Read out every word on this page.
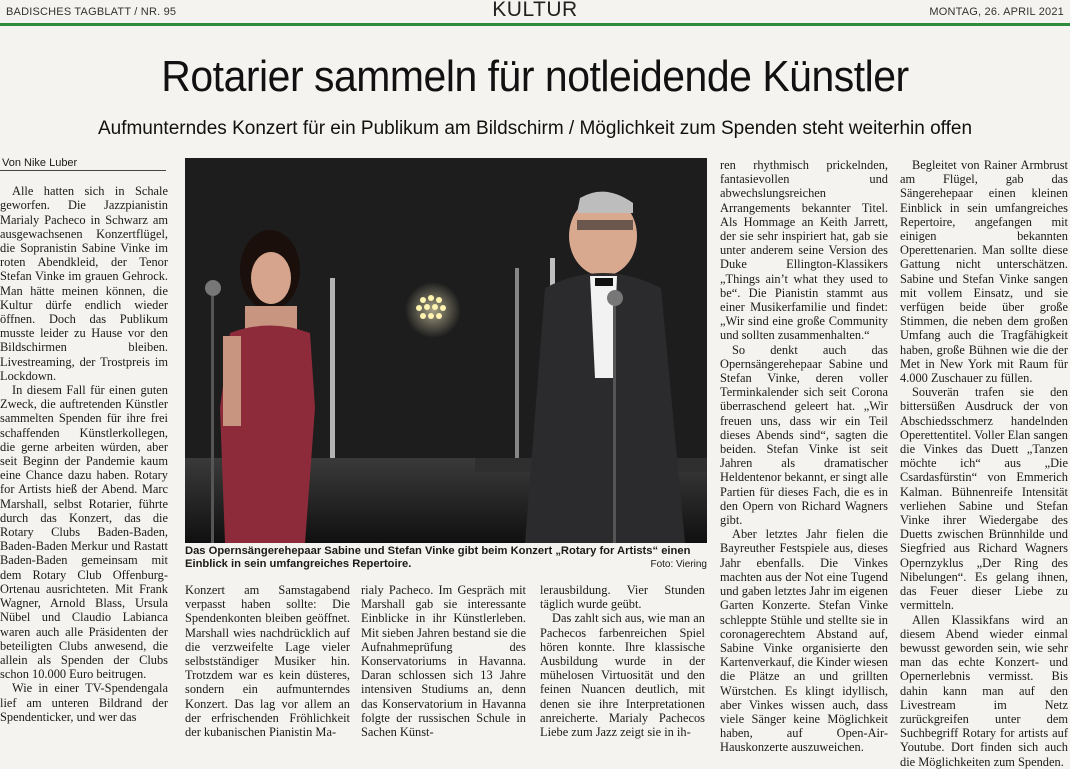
BADISCHES TAGBLATT / NR. 95	MONTAG, 26. APRIL 2021
KULTUR
Rotarier sammeln für notleidende Künstler
Aufmunterndes Konzert für ein Publikum am Bildschirm / Möglichkeit zum Spenden steht weiterhin offen
Von Nike Luber

Alle hatten sich in Schale geworfen. Die Jazzpianistin Marialy Pacheco in Schwarz am ausgewachsenen Konzertflügel, die Sopranistin Sabine Vinke im roten Abendkleid, der Tenor Stefan Vinke im grauen Gehrock. Man hätte meinen können, die Kultur dürfe endlich wieder öffnen. Doch das Publikum musste leider zu Hause vor den Bildschirmen bleiben. Livestreaming, der Trostpreis im Lockdown.

In diesem Fall für einen guten Zweck, die auftretenden Künstler sammelten Spenden für ihre frei schaffenden Künstlerkollegen, die gerne arbeiten würden, aber seit Beginn der Pandemie kaum eine Chance dazu haben. Rotary for Artists hieß der Abend. Marc Marshall, selbst Rotarier, führte durch das Konzert, das die Rotary Clubs Baden-Baden, Baden-Baden Merkur und Rastatt Baden-Baden gemeinsam mit dem Rotary Club Offenburg-Ortenau ausrichteten. Mit Frank Wagner, Arnold Blass, Ursula Nübel und Claudio Labianca waren auch alle Präsidenten der beteiligten Clubs anwesend, die allein als Spenden der Clubs schon 10.000 Euro beitrugen.

Wie in einer TV-Spendengala lief am unteren Bildrand der Spendenticker, und wer das

Das Opernsängerehepaar Sabine und Stefan Vinke gibt beim Konzert „Rotary for Artists“ einen Einblick in sein umfangreiches Repertoire.	Foto: Viering

Konzert am Samstagabend verpasst haben sollte: Die Spendenkonten bleiben geöffnet. Marshall wies nachdrücklich auf die verzweifelte Lage vieler selbstständiger Musiker hin. Trotzdem war es kein düsteres, sondern ein aufmunterndes Konzert. Das lag vor allem an der erfrischenden Fröhlichkeit der kubanischen Pianistin Ma-

rialy Pacheco. Im Gespräch mit Marshall gab sie interessante Einblicke in ihr Künstlerleben. Mit sieben Jahren bestand sie die Aufnahmeprüfung des Konservatoriums in Havanna. Daran schlossen sich 13 Jahre intensiven Studiums an, denn das Konservatorium in Havanna folgte der russischen Schule in Sachen Künst-

lerausbildung. Vier Stunden täglich wurde geübt.

Das zahlt sich aus, wie man an Pachecos farbenreichen Spiel hören konnte. Ihre klassische Ausbildung wurde in der mühelosen Virtuosität und den feinen Nuancen deutlich, mit denen sie ihre Interpretationen anreicherte. Marialy Pachecos Liebe zum Jazz zeigt sie in ih-

ren rhythmisch prickelnden, fantasievollen und abwechslungsreichen Arrangements bekannter Titel. Als Hommage an Keith Jarrett, der sie sehr inspiriert hat, gab sie unter anderem seine Version des Duke Ellington-Klassikers „Things ain’t what they used to be“. Die Pianistin stammt aus einer Musikerfamilie und findet: „Wir sind eine große Community und sollten zusammenhalten.“

So denkt auch das Opernsängerehepaar Sabine und Stefan Vinke, deren voller Terminkalender sich seit Corona überraschend geleert hat. „Wir freuen uns, dass wir ein Teil dieses Abends sind“, sagten die beiden. Stefan Vinke ist seit Jahren als dramatischer Heldentenor bekannt, er singt alle Partien für dieses Fach, die es in den Opern von Richard Wagners gibt.

Aber letztes Jahr fielen die Bayreuther Festspiele aus, dieses Jahr ebenfalls. Die Vinkes machten aus der Not eine Tugend und gaben letztes Jahr im eigenen Garten Konzerte. Stefan Vinke schleppte Stühle und stellte sie in coronagerechtem Abstand auf, Sabine Vinke organisierte den Kartenverkauf, die Kinder wiesen die Plätze an und grillten Würstchen. Es klingt idyllisch, aber Vinkes wissen auch, dass viele Sänger keine Möglichkeit haben, auf Open-Air-Hauskonzerte auszuweichen.

Begleitet von Rainer Armbrust am Flügel, gab das Sängerehepaar einen kleinen Einblick in sein umfangreiches Repertoire, angefangen mit einigen bekannten Operettenarien. Man sollte diese Gattung nicht unterschätzen. Sabine und Stefan Vinke sangen mit vollem Einsatz, und sie verfügen beide über große Stimmen, die neben dem großen Umfang auch die Tragfähigkeit haben, große Bühnen wie die der Met in New York mit Raum für 4.000 Zuschauer zu füllen.

Souverän trafen sie den bittersüßen Ausdruck der von Abschiedsschmerz handelnden Operettentitel. Voller Elan sangen die Vinkes das Duett „Tanzen möchte ich“ aus „Die Csardasfürstin“ von Emmerich Kalman. Bühnenreife Intensität verliehen Sabine und Stefan Vinke ihrer Wiedergabe des Duetts zwischen Brünnhilde und Siegfried aus Richard Wagners Opernzyklus „Der Ring des Nibelungen“. Es gelang ihnen, das Feuer dieser Liebe zu vermitteln.

Allen Klassikfans wird an diesem Abend wieder einmal bewusst geworden sein, wie sehr man das echte Konzert- und Opernerlebnis vermisst. Bis dahin kann man auf den Livestream im Netz zurückgreifen unter dem Suchbegriff Rotary for artists auf Youtube. Dort finden sich auch die Möglichkeiten zum Spenden.
